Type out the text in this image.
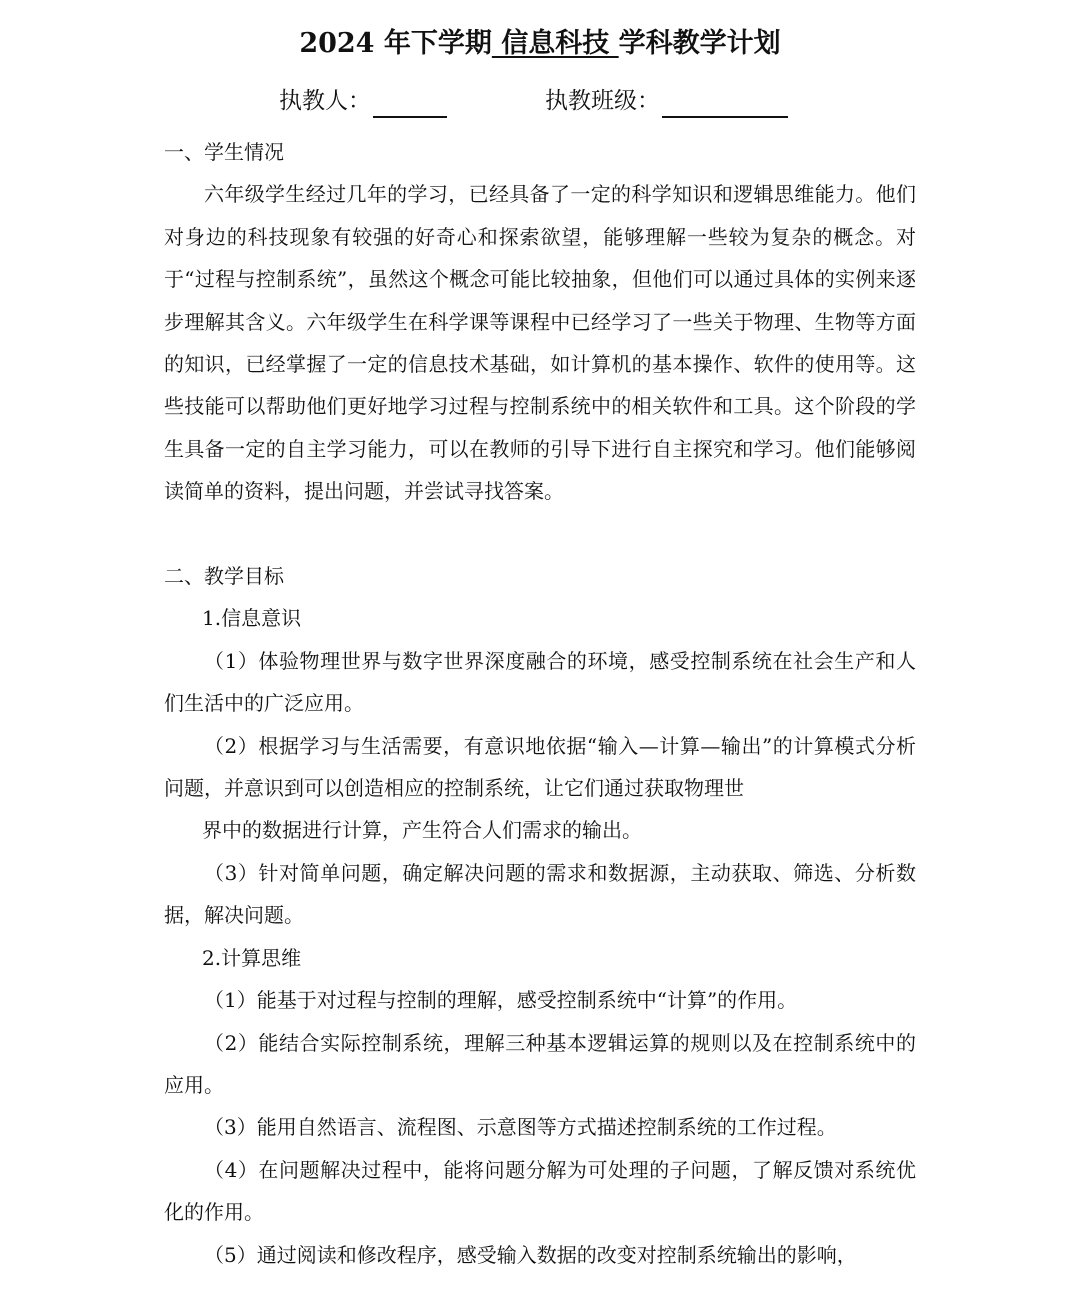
2024 年下学期 信息科技 学科教学计划
执教人：	执教班级：

一、学生情况

六年级学生经过几年的学习，已经具备了一定的科学知识和逻辑思维能力。他们对身边的科技现象有较强的好奇心和探索欲望，能够理解一些较为复杂的概念。对于“过程与控制系统”，虽然这个概念可能比较抽象，但他们可以通过具体的实例来逐步理解其含义。六年级学生在科学课等课程中已经学习了一些关于物理、生物等方面的知识，已经掌握了一定的信息技术基础，如计算机的基本操作、软件的使用等。这些技能可以帮助他们更好地学习过程与控制系统中的相关软件和工具。这个阶段的学生具备一定的自主学习能力，可以在教师的引导下进行自主探究和学习。他们能够阅读简单的资料，提出问题，并尝试寻找答案。

二、教学目标

1.信息意识

（1）体验物理世界与数字世界深度融合的环境，感受控制系统在社会生产和人们生活中的广泛应用。

（2）根据学习与生活需要，有意识地依据“输入—计算—输出”的计算模式分析问题，并意识到可以创造相应的控制系统，让它们通过获取物理世

界中的数据进行计算，产生符合人们需求的输出。

（3）针对简单问题，确定解决问题的需求和数据源，主动获取、筛选、分析数据，解决问题。

2.计算思维

（1）能基于对过程与控制的理解，感受控制系统中“计算”的作用。

（2）能结合实际控制系统，理解三种基本逻辑运算的规则以及在控制系统中的应用。

（3）能用自然语言、流程图、示意图等方式描述控制系统的工作过程。

（4）在问题解决过程中，能将问题分解为可处理的子问题，了解反馈对系统优化的作用。

（5）通过阅读和修改程序，感受输入数据的改变对控制系统输出的影响，
